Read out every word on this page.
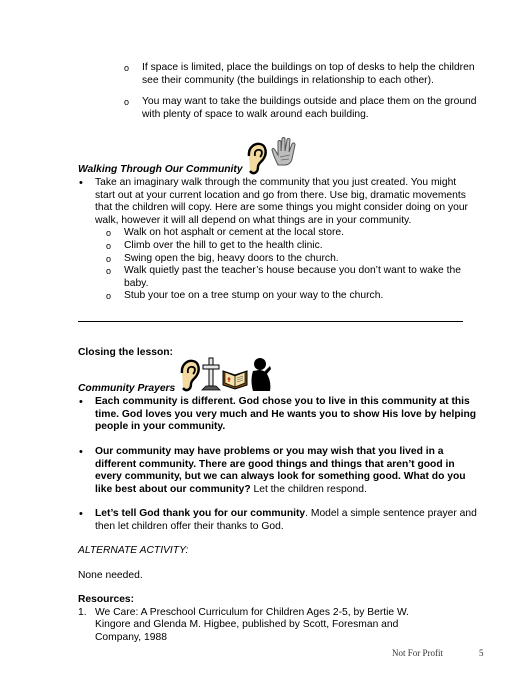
o If space is limited, place the buildings on top of desks to help the children see their community (the buildings in relationship to each other).
o You may want to take the buildings outside and place them on the ground with plenty of space to walk around each building.
Walking Through Our Community
• Take an imaginary walk through the community that you just created. You might
start out at your current location and go from there. Use big, dramatic movements
that the children will copy. Here are some things you might consider doing on your
walk, however it will all depend on what things are in your community.
o Walk on hot asphalt or cement at the local store.
o Climb over the hill to get to the health clinic.
o Swing open the big, heavy doors to the church.
o Walk quietly past the teacher’s house because you don’t want to wake the
baby.
o Stub your toe on a tree stump on your way to the church.
Closing the lesson:
Community Prayers
• Each community is different. God chose you to live in this community at this
time. God loves you very much and He wants you to show His love by helping
people in your community.
• Our community may have problems or you may wish that you lived in a
different community. There are good things and things that aren’t good in
every community, but we can always look for something good. What do you
like best about our community? Let the children respond.
• Let’s tell God thank you for our community. Model a simple sentence prayer and
then let children offer their thanks to God.
ALTERNATE ACTIVITY:
None needed.
Resources:
1. We Care: A Preschool Curriculum for Children Ages 2-5, by Bertie W.
Kingore and Glenda M. Higbee, published by Scott, Foresman and
Company, 1988
Not For Profit	5
